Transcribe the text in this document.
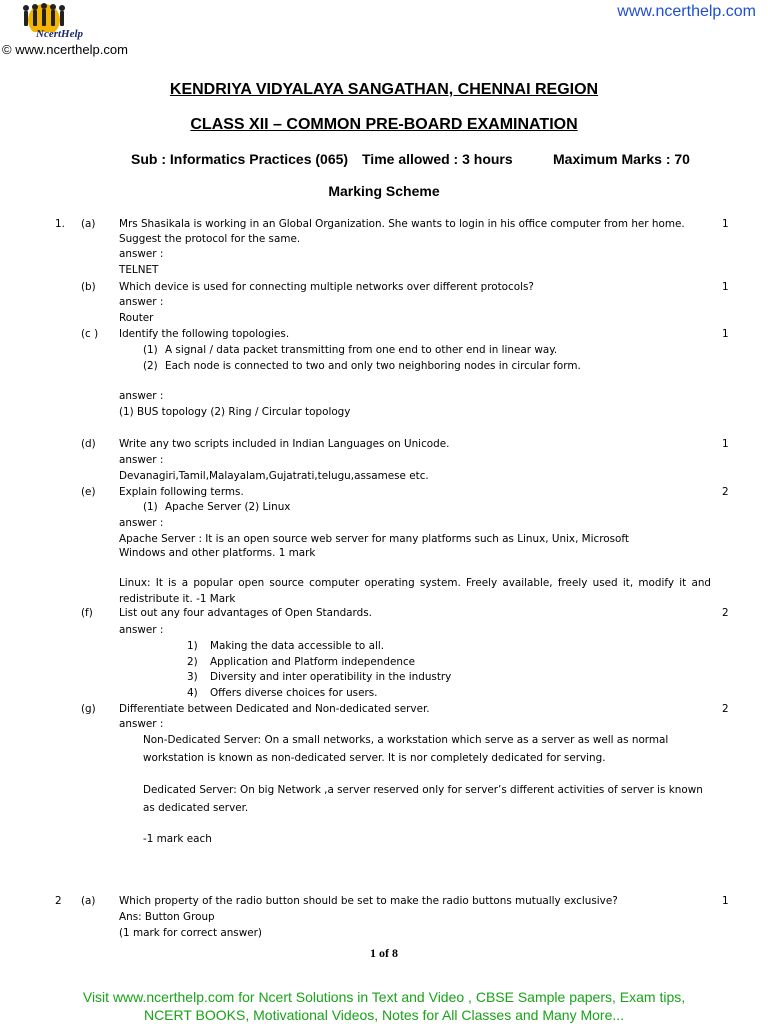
NcertHelp
© www.ncerthelp.com
www.ncerthelp.com
KENDRIYA VIDYALAYA SANGATHAN, CHENNAI REGION
CLASS XII – COMMON PRE-BOARD EXAMINATION
Sub : Informatics Practices (065) Time allowed : 3 hours	Maximum Marks : 70
Marking Scheme
1. (a) Mrs Shasikala is working in an Global Organization. She wants to login in his office computer from her home.	1
Suggest the protocol for the same.
answer :
TELNET
(b) Which device is used for connecting multiple networks over different protocols?	1
answer :
Router
(c ) Identify the following topologies.	1
(1) A signal / data packet transmitting from one end to other end in linear way.
(2) Each node is connected to two and only two neighboring nodes in circular form.
answer :
(1) BUS topology (2) Ring / Circular topology
(d) Write any two scripts included in Indian Languages on Unicode.	1
answer :
Devanagiri,Tamil,Malayalam,Gujatrati,telugu,assamese etc.
(e) Explain following terms.	2
(1) Apache Server (2) Linux
answer :
Apache Server : It is an open source web server for many platforms such as Linux, Unix, Microsoft
Windows and other platforms. 1 mark
Linux: It is a popular open source computer operating system. Freely available, freely used it, modify it and redistribute it. -1 Mark
(f)	List out any four advantages of Open Standards.	2
answer :
1) Making the data accessible to all.
2) Application and Platform independence
3) Diversity and inter operatibility in the industry
4) Offers diverse choices for users.
(g) Differentiate between Dedicated and Non-dedicated server.	2
answer :
Non-Dedicated Server: On a small networks, a workstation which serve as a server as well as normal
workstation is known as non-dedicated server. It is nor completely dedicated for serving.
Dedicated Server: On big Network ,a server reserved only for server’s different activities of server is known
as dedicated server.
-1 mark each
2 (a) Which property of the radio button should be set to make the radio buttons mutually exclusive?	1
Ans: Button Group
(1 mark for correct answer)
1 of 8
Visit www.ncerthelp.com for Ncert Solutions in Text and Video , CBSE Sample papers, Exam tips,
NCERT BOOKS, Motivational Videos, Notes for All Classes and Many More...
